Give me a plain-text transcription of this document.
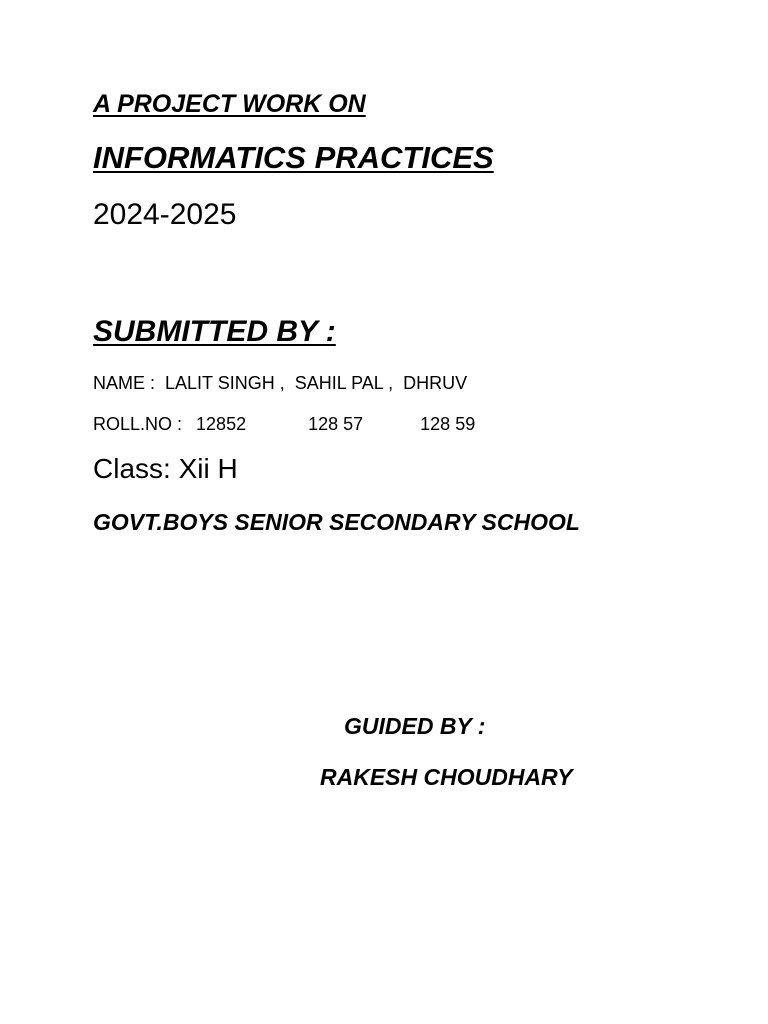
A PROJECT WORK ON
INFORMATICS PRACTICES
2024-2025
SUBMITTED BY :
NAME :  LALIT SINGH ,  SAHIL PAL ,  DHRUV
ROLL.NO : 12852	128 57	128 59
Class: Xii H
GOVT.BOYS SENIOR SECONDARY SCHOOL
GUIDED BY :
RAKESH CHOUDHARY
